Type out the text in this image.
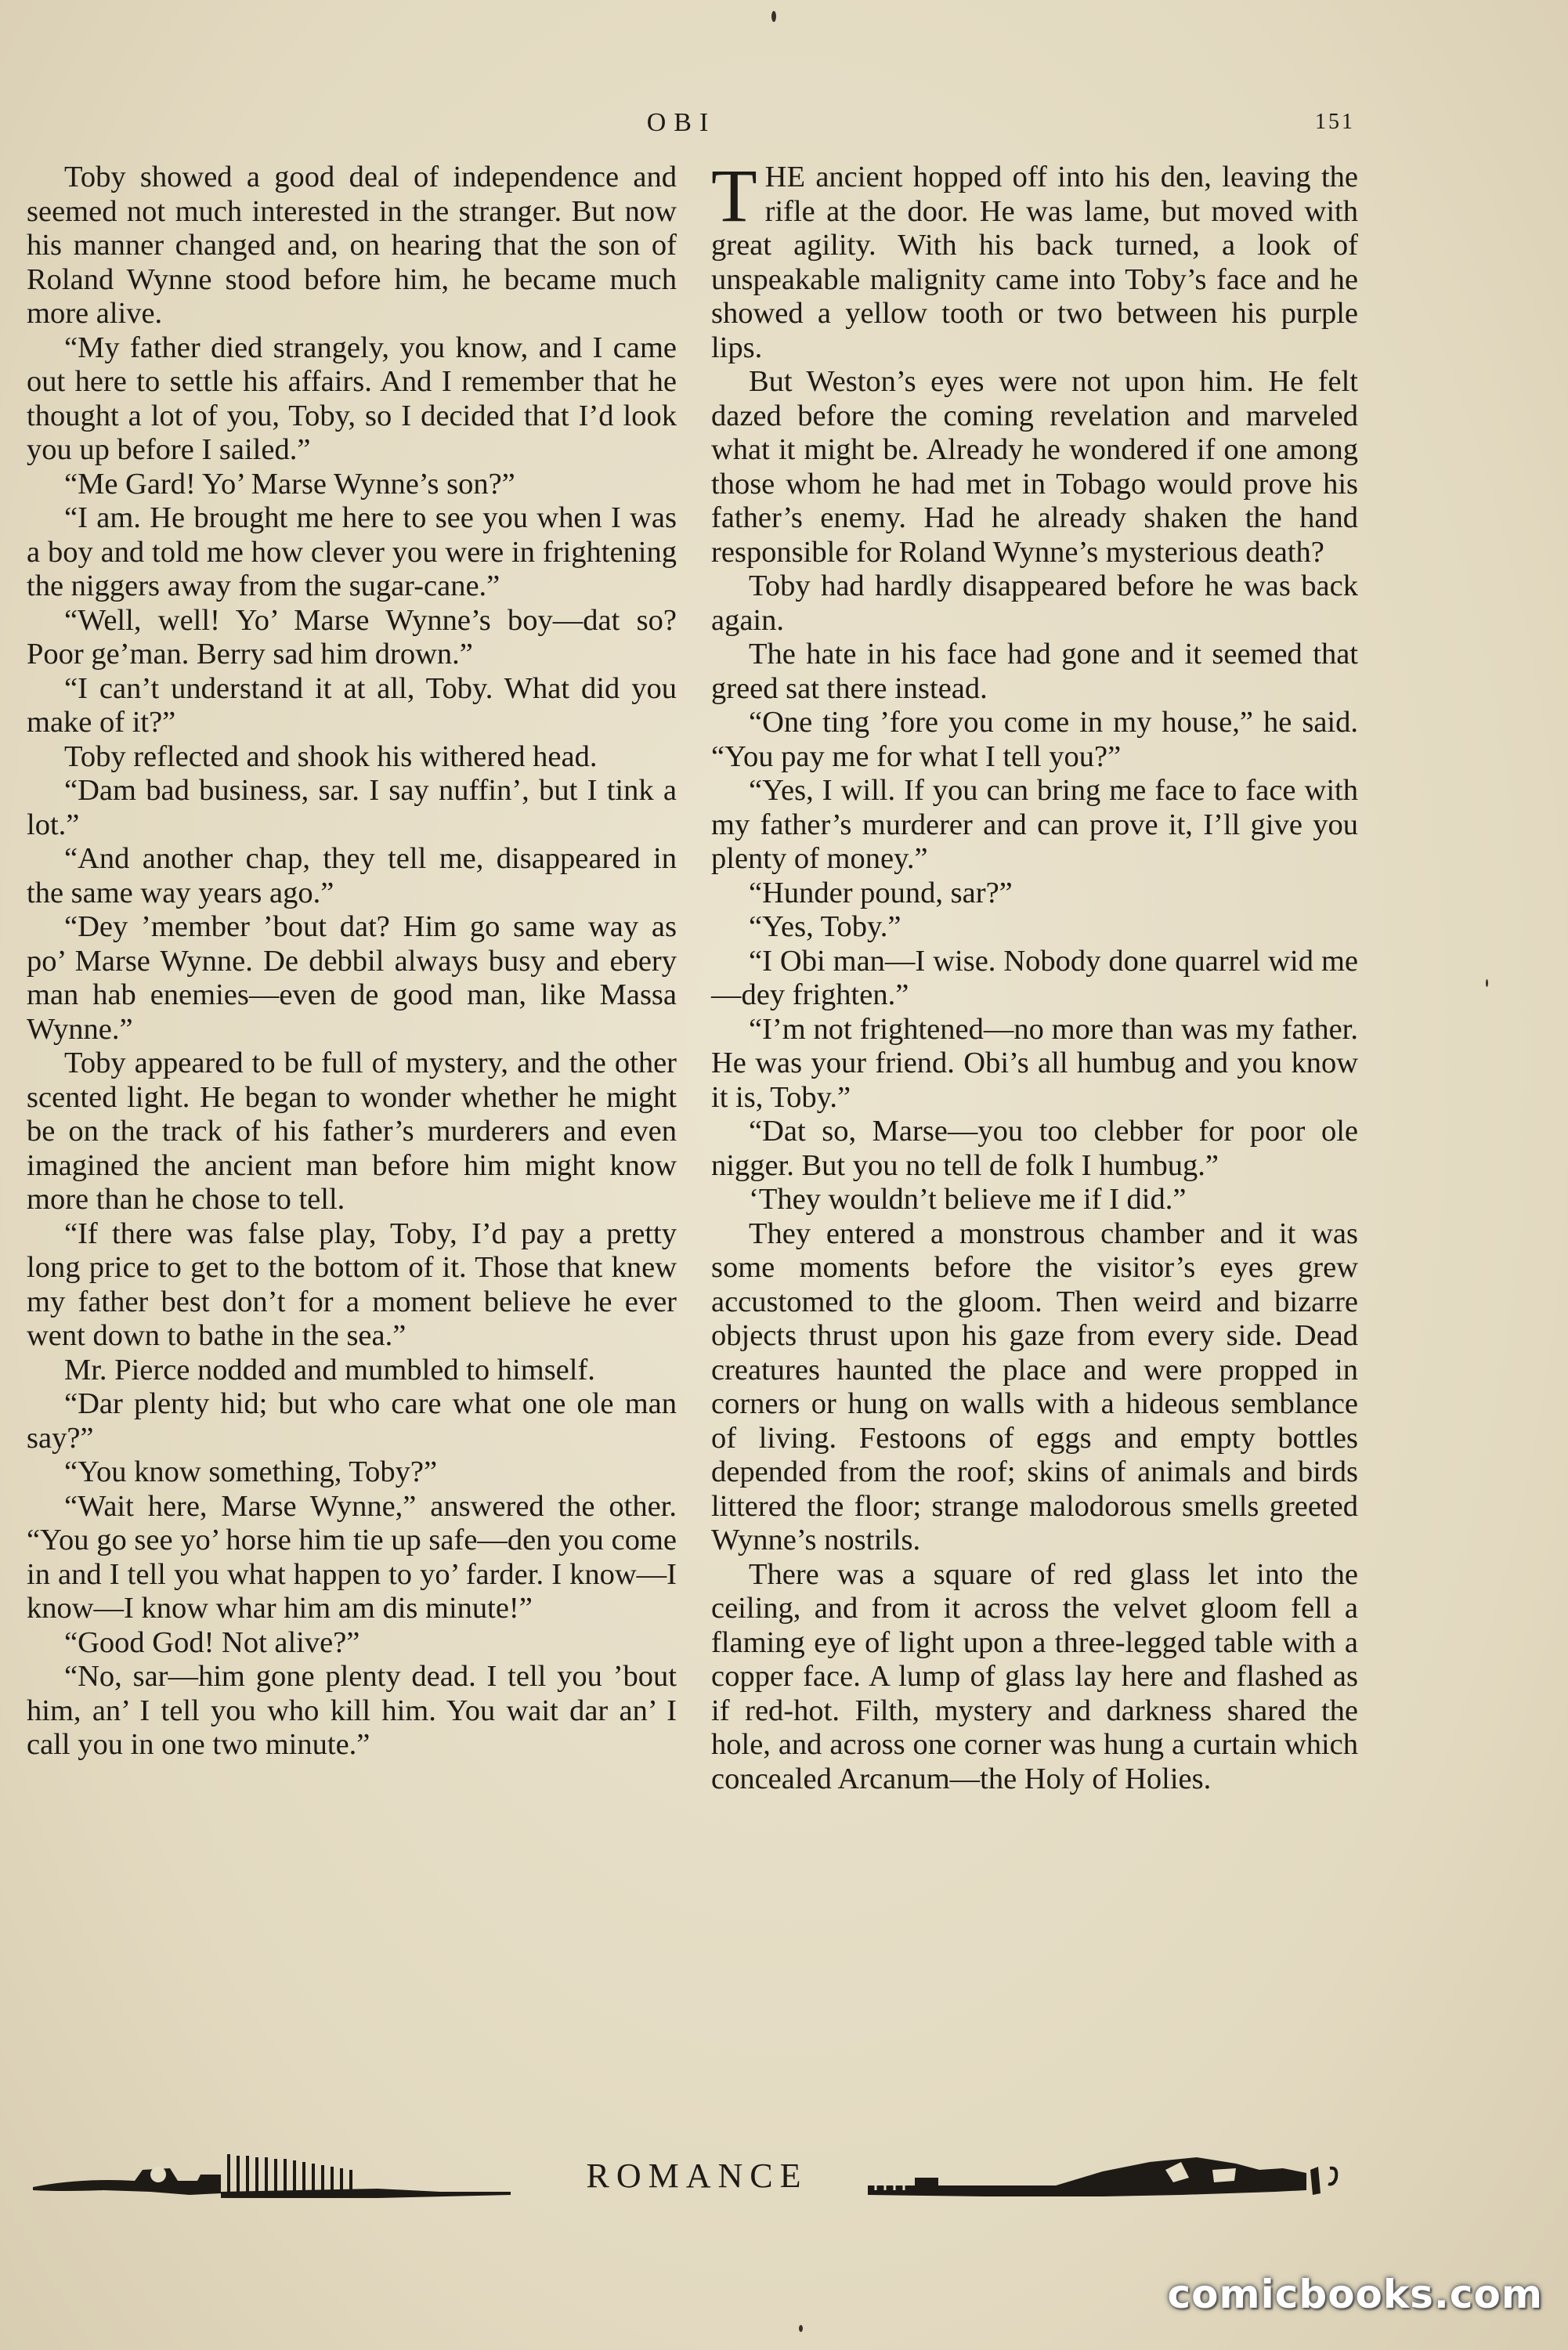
OBI	151

Toby showed a good deal of independence and seemed not much interested in the stranger. But now his manner changed and, on hearing that the son of Roland Wynne stood before him, he became much more alive.

“My father died strangely, you know, and I came out here to settle his affairs. And I remember that he thought a lot of you, Toby, so I decided that I’d look you up before I sailed.”

“Me Gard! Yo’ Marse Wynne’s son?”

“I am. He brought me here to see you when I was a boy and told me how clever you were in frightening the niggers away from the sugar-cane.”

“Well, well! Yo’ Marse Wynne’s boy—dat so? Poor ge’man. Berry sad him drown.”

“I can’t understand it at all, Toby. What did you make of it?”

Toby reflected and shook his withered head.

“Dam bad business, sar. I say nuffin’, but I tink a lot.”

“And another chap, they tell me, disappeared in the same way years ago.”

“Dey ’member ’bout dat? Him go same way as po’ Marse Wynne. De debbil always busy and ebery man hab enemies—even de good man, like Massa Wynne.”

Toby appeared to be full of mystery, and the other scented light. He began to wonder whether he might be on the track of his father’s murderers and even imagined the ancient man before him might know more than he chose to tell.

“If there was false play, Toby, I’d pay a pretty long price to get to the bottom of it. Those that knew my father best don’t for a moment believe he ever went down to bathe in the sea.”

Mr. Pierce nodded and mumbled to himself.

“Dar plenty hid; but who care what one ole man say?”

“You know something, Toby?”

“Wait here, Marse Wynne,” answered the other. “You go see yo’ horse him tie up safe—den you come in and I tell you what happen to yo’ farder. I know—I know—I know whar him am dis minute!”

“Good God! Not alive?”

“No, sar—him gone plenty dead. I tell you ’bout him, an’ I tell you who kill him. You wait dar an’ I call you in one two minute.”

THE ancient hopped off into his den, leaving the rifle at the door. He was lame, but moved with great agility. With his back turned, a look of unspeakable malignity came into Toby’s face and he showed a yellow tooth or two between his purple lips.

But Weston’s eyes were not upon him. He felt dazed before the coming revelation and marveled what it might be. Already he wondered if one among those whom he had met in Tobago would prove his father’s enemy. Had he already shaken the hand responsible for Roland Wynne’s mysterious death?

Toby had hardly disappeared before he was back again.

The hate in his face had gone and it seemed that greed sat there instead.

“One ting ’fore you come in my house,” he said. “You pay me for what I tell you?”

“Yes, I will. If you can bring me face to face with my father’s murderer and can prove it, I’ll give you plenty of money.”

“Hunder pound, sar?”

“Yes, Toby.”

“I Obi man—I wise. Nobody done quarrel wid me—dey frighten.”

“I’m not frightened—no more than was my father. He was your friend. Obi’s all humbug and you know it is, Toby.”

“Dat so, Marse—you too clebber for poor ole nigger. But you no tell de folk I humbug.”

‘They wouldn’t believe me if I did.”

They entered a monstrous chamber and it was some moments before the visitor’s eyes grew accustomed to the gloom. Then weird and bizarre objects thrust upon his gaze from every side. Dead creatures haunted the place and were propped in corners or hung on walls with a hideous semblance of living. Festoons of eggs and empty bottles depended from the roof; skins of animals and birds littered the floor; strange malodorous smells greeted Wynne’s nostrils.

There was a square of red glass let into the ceiling, and from it across the velvet gloom fell a flaming eye of light upon a three-legged table with a copper face. A lump of glass lay here and flashed as if red-hot. Filth, mystery and darkness shared the hole, and across one corner was hung a curtain which concealed Arcanum—the Holy of Holies.

ROMANCE
comicbooks.com
